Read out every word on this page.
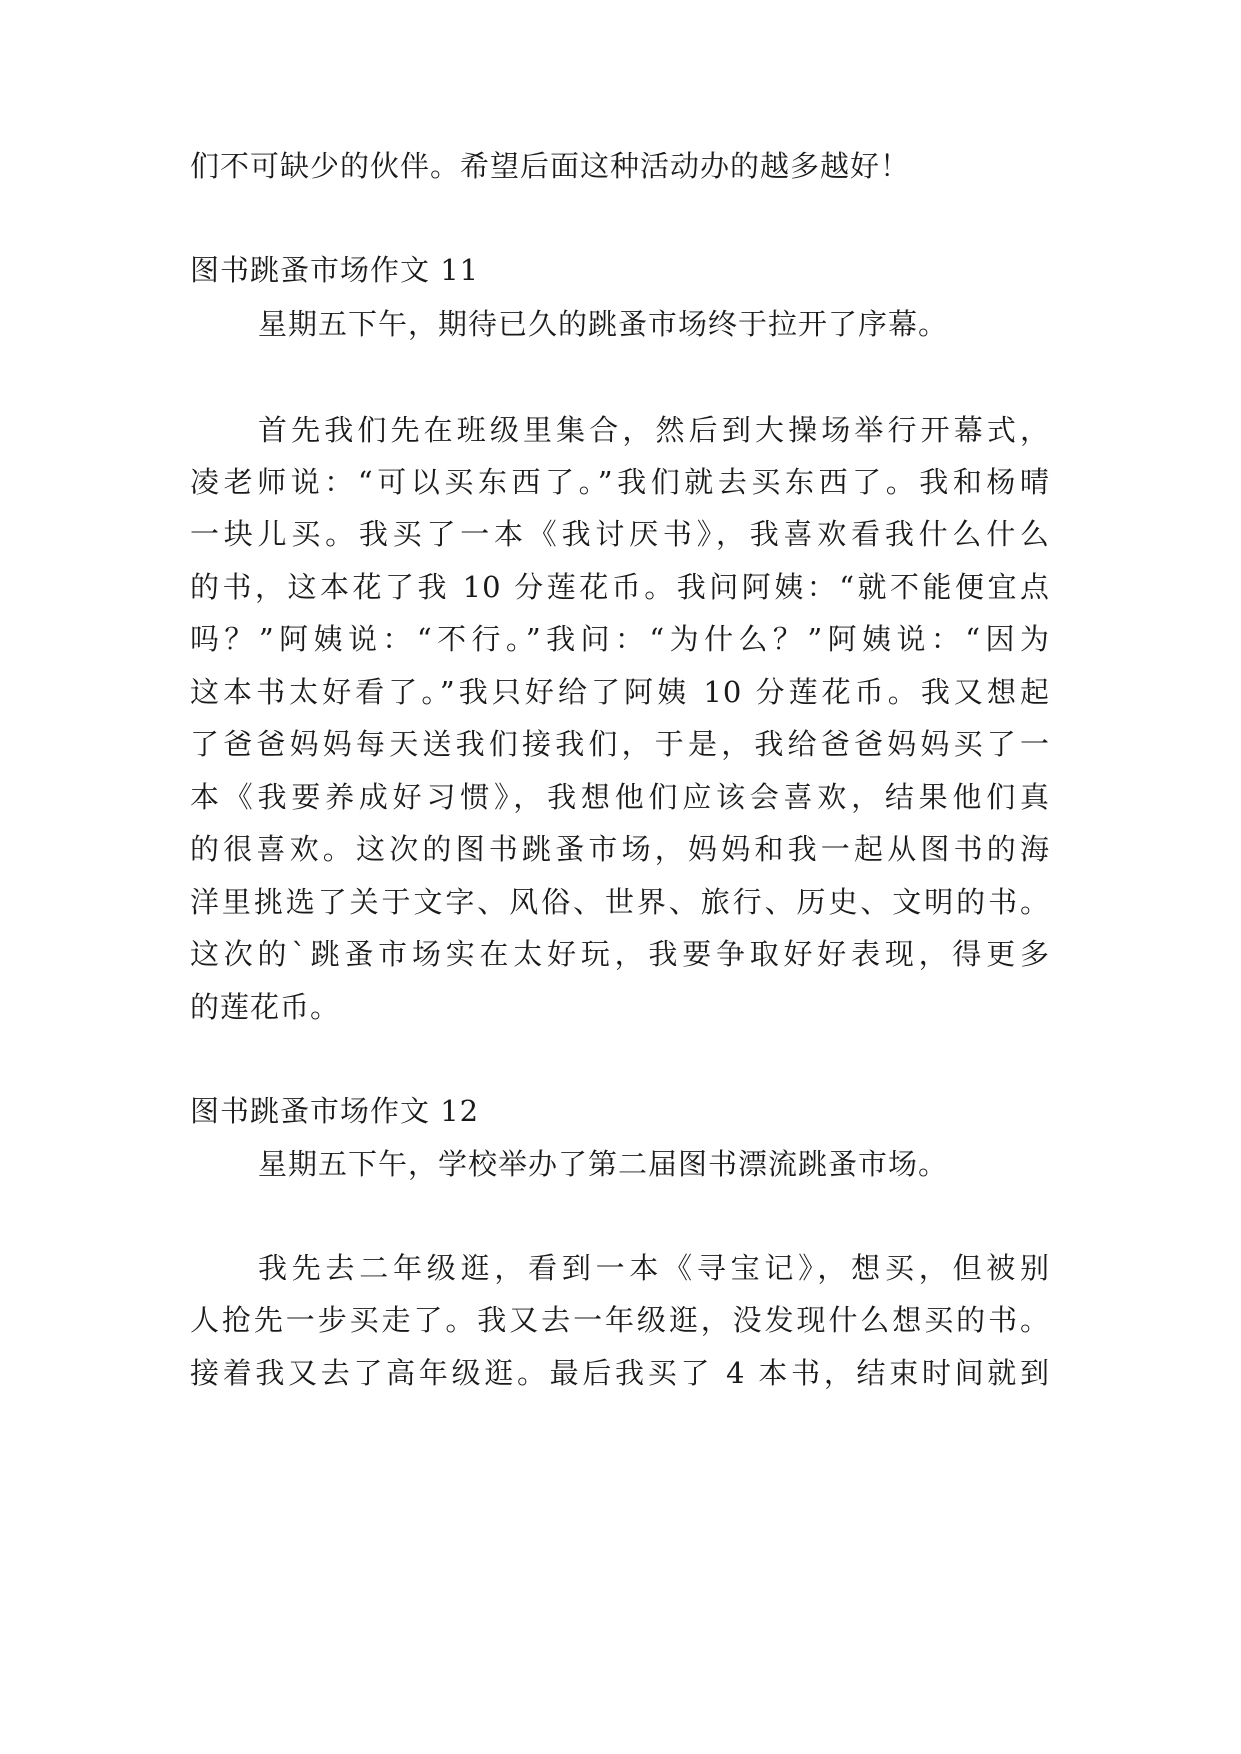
们不可缺少的伙伴。希望后面这种活动办的越多越好！
图书跳蚤市场作文 11
星期五下午，期待已久的跳蚤市场终于拉开了序幕。
首先我们先在班级里集合，然后到大操场举行开幕式，
凌老师说：“可以买东西了。”我们就去买东西了。我和杨晴
一块儿买。我买了一本《我讨厌书》，我喜欢看我什么什么
的书，这本花了我 10 分莲花币。我问阿姨：“就不能便宜点
吗？”阿姨说：“不行。”我问：“为什么？”阿姨说：“因为
这本书太好看了。”我只好给了阿姨 10 分莲花币。我又想起
了爸爸妈妈每天送我们接我们，于是，我给爸爸妈妈买了一
本《我要养成好习惯》，我想他们应该会喜欢，结果他们真
的很喜欢。这次的图书跳蚤市场，妈妈和我一起从图书的海
洋里挑选了关于文字、风俗、世界、旅行、历史、文明的书。
这次的`跳蚤市场实在太好玩，我要争取好好表现，得更多
的莲花币。
图书跳蚤市场作文 12
星期五下午，学校举办了第二届图书漂流跳蚤市场。
我先去二年级逛，看到一本《寻宝记》，想买，但被别
人抢先一步买走了。我又去一年级逛，没发现什么想买的书。
接着我又去了高年级逛。最后我买了 4 本书，结束时间就到
